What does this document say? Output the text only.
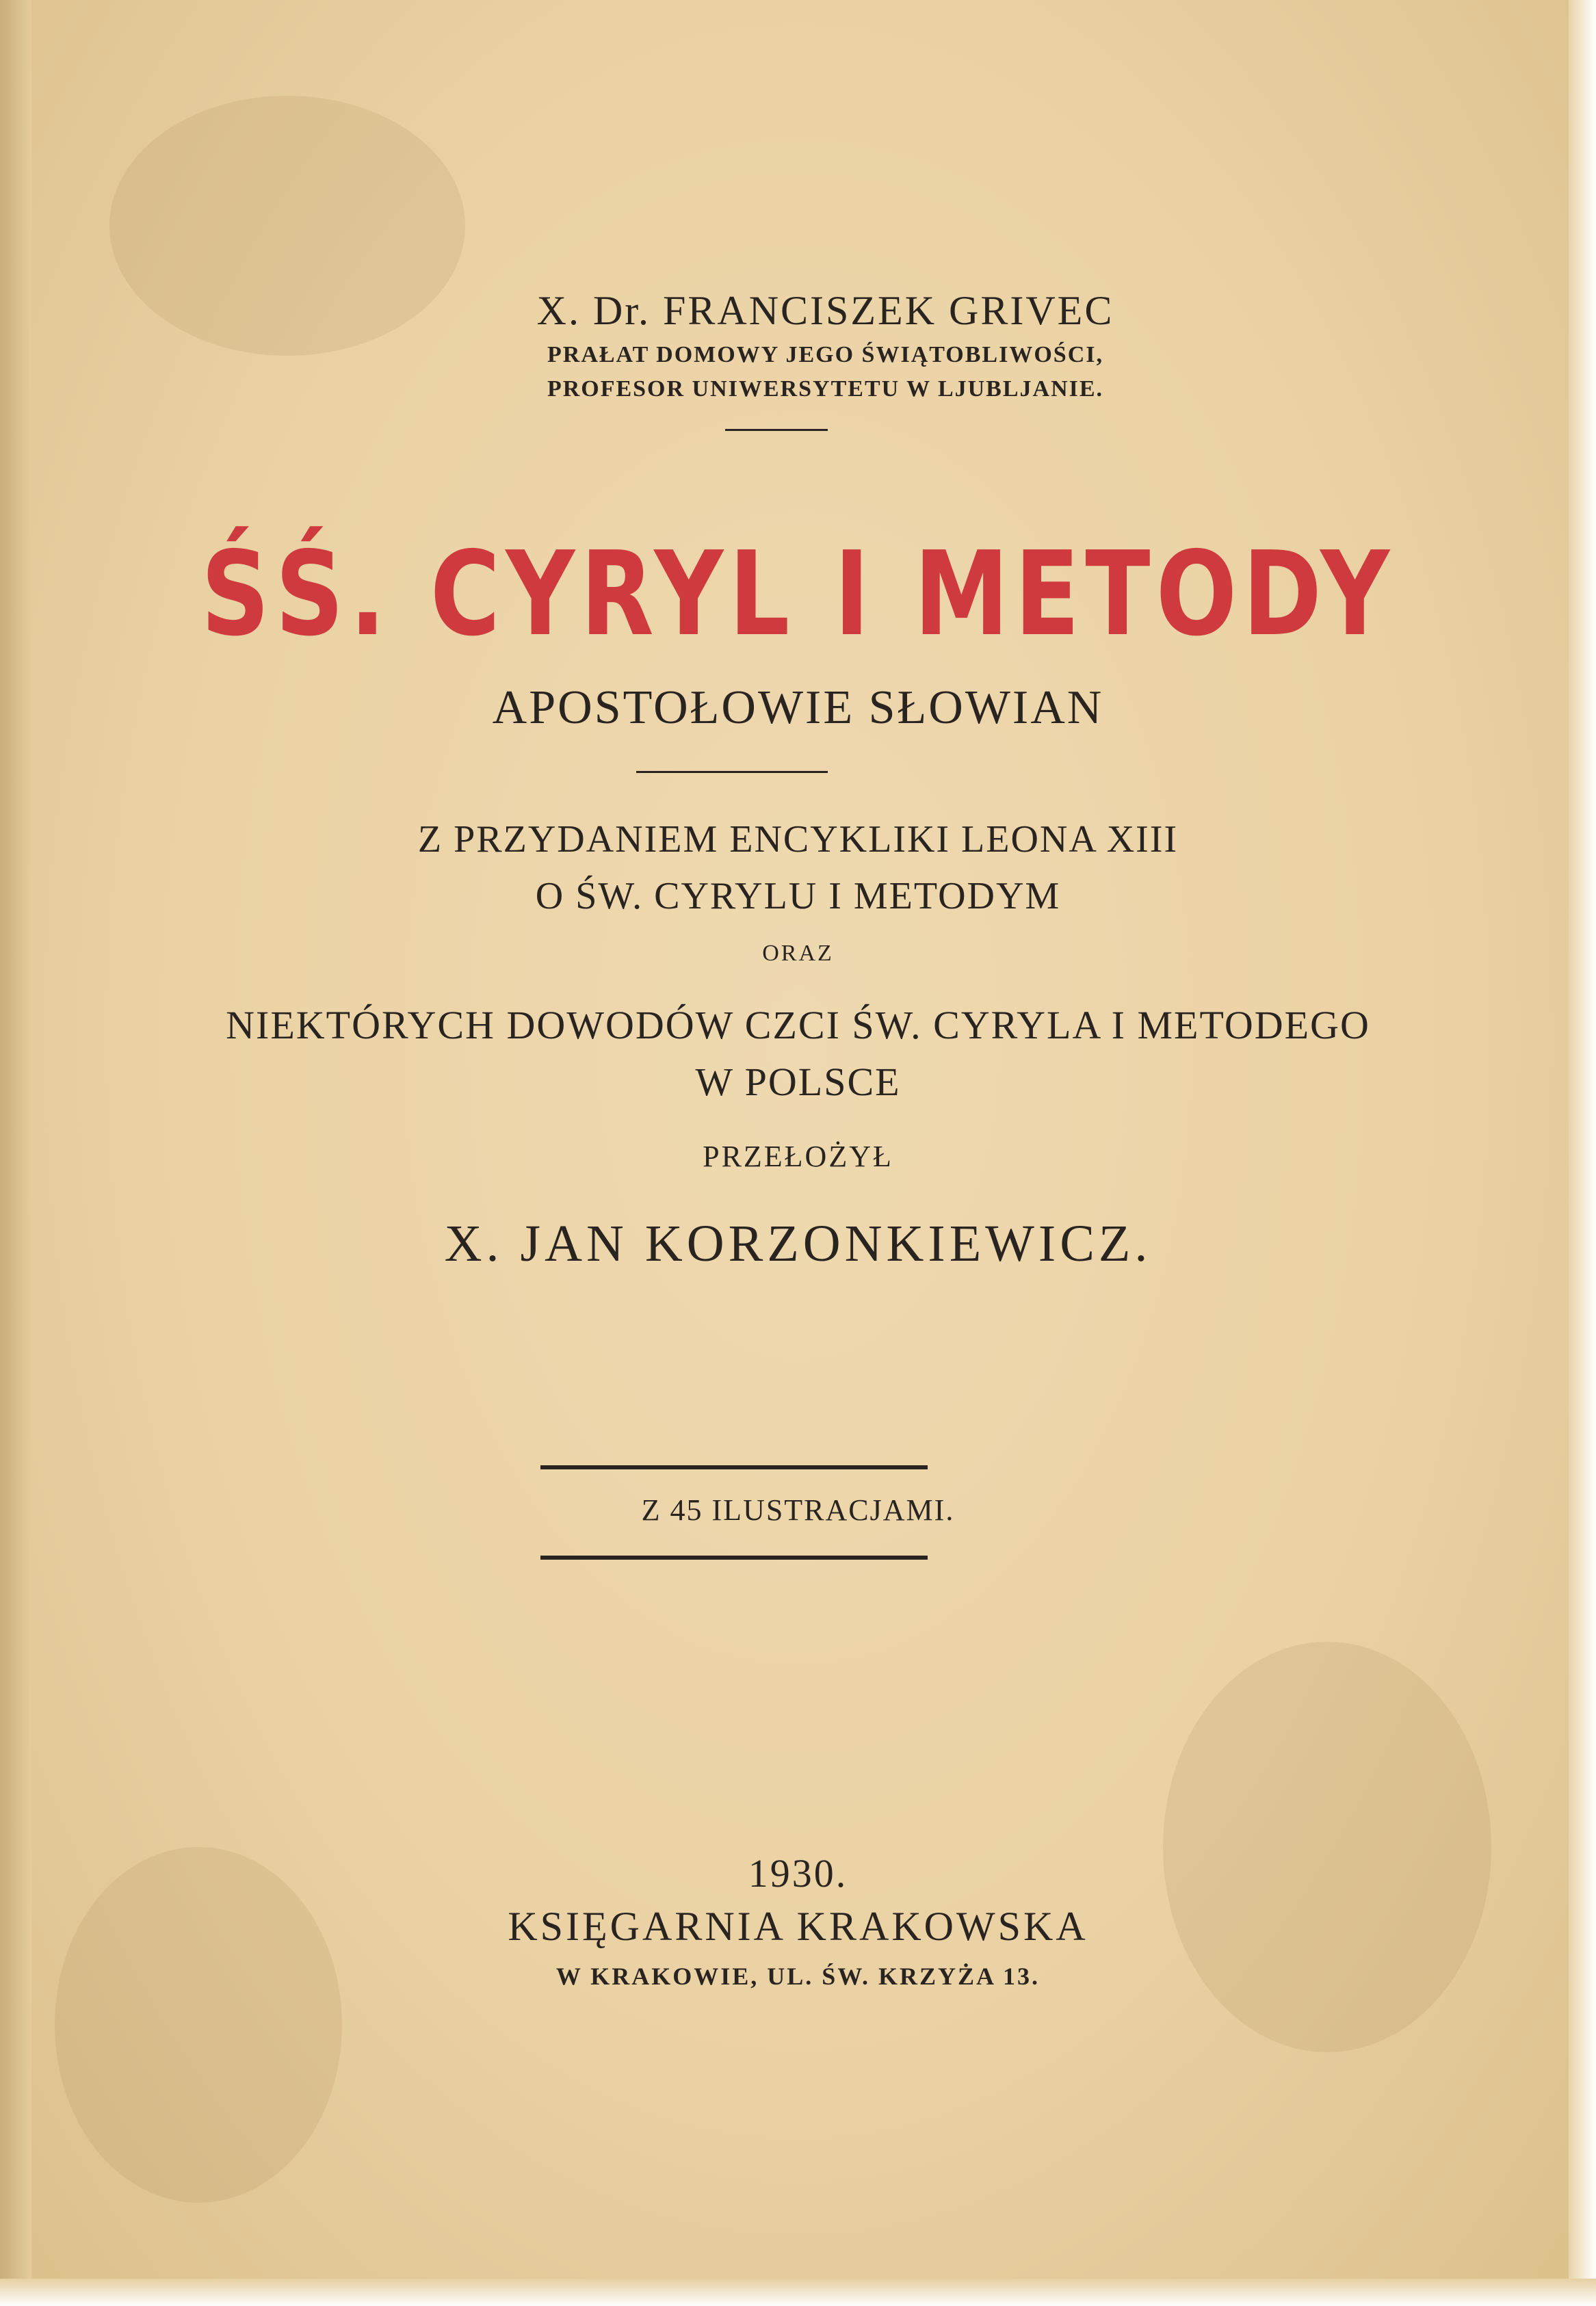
X. Dr. FRANCISZEK GRIVEC
PRAŁAT DOMOWY JEGO ŚWIĄTOBLIWOŚCI,
PROFESOR UNIWERSYTETU W LJUBLJANIE.
ŚŚ. CYRYL I METODY
APOSTOŁOWIE SŁOWIAN
Z PRZYDANIEM ENCYKLIKI LEONA XIII
O ŚW. CYRYLU I METODYM
ORAZ
NIEKTÓRYCH DOWODÓW CZCI ŚW. CYRYLA I METODEGO
W POLSCE
PRZEŁOŻYŁ
X. JAN KORZONKIEWICZ.
Z 45 ILUSTRACJAMI.
1930.
KSIĘGARNIA KRAKOWSKA
W KRAKOWIE, UL. ŚW. KRZYŻA 13.
